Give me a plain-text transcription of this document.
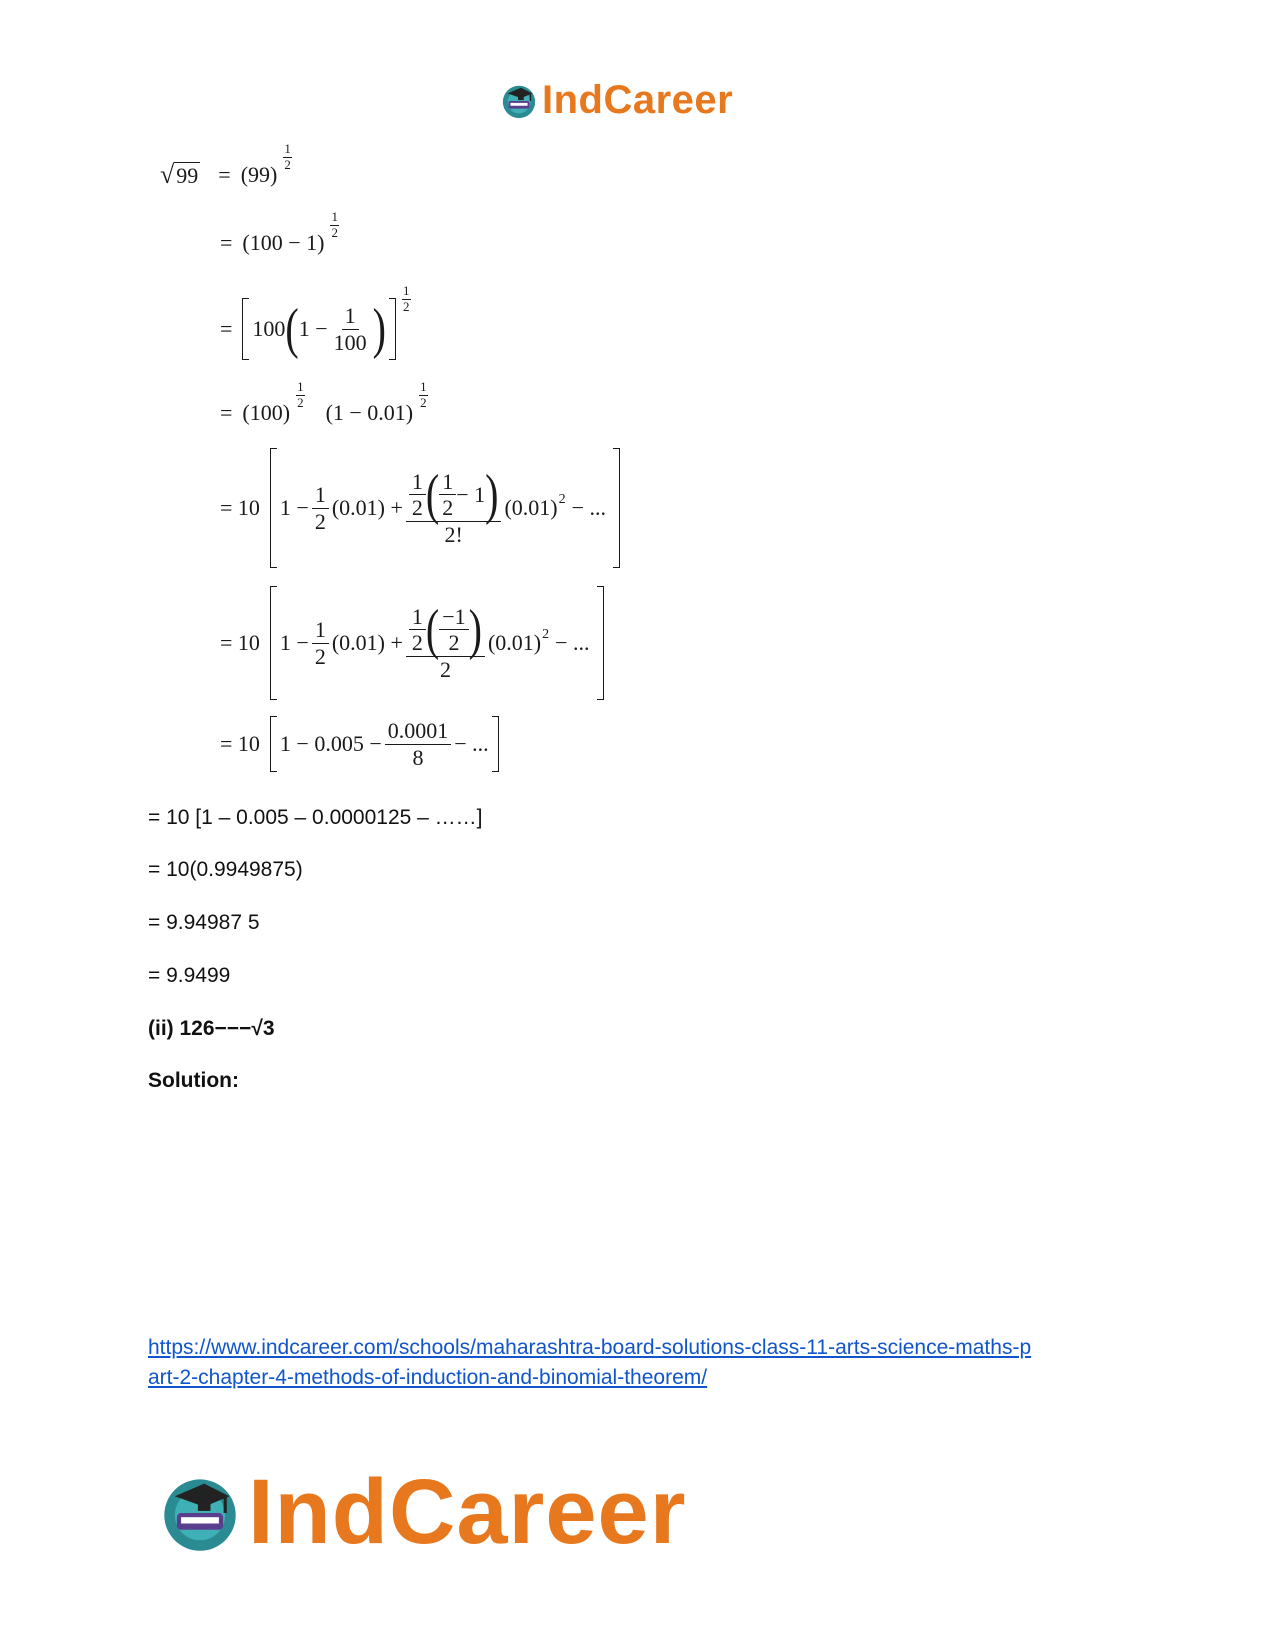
IndCareer
√ 99 = (99)
$\frac{1}{2}$
= (100 − 1)
$\frac{1}{2}$
= 100 ( $1 - \frac{1}{100}$ ) $\frac{1}{2}$
= (100)
$\frac{1}{2}$
(1 − 0.01)
$\frac{1}{2}$
= 10 $1 - \frac{1}{2} (0.01) + \frac{\frac{1}{2} ( \frac{1}{2} - 1 )}{2!} (0.01) 2$ − ...
= 10 $1 - \frac{1}{2} (0.01) + \frac{\frac{1}{2} ( \frac{-1}{2} )}{2} (0.01) 2$ − ...
= 10 $1 - 0.005 - \frac{0.0001}{8}$ − ...
= 10 [1 – 0.005 – 0.0000125 – ……]
= 10(0.9949875)
= 9.94987 5
= 9.9499
(ii) 126−−−√3
Solution:
https://www.indcareer.com/schools/maharashtra-board-solutions-class-11-arts-science-maths-p
art-2-chapter-4-methods-of-induction-and-binomial-theorem/
IndCareer
